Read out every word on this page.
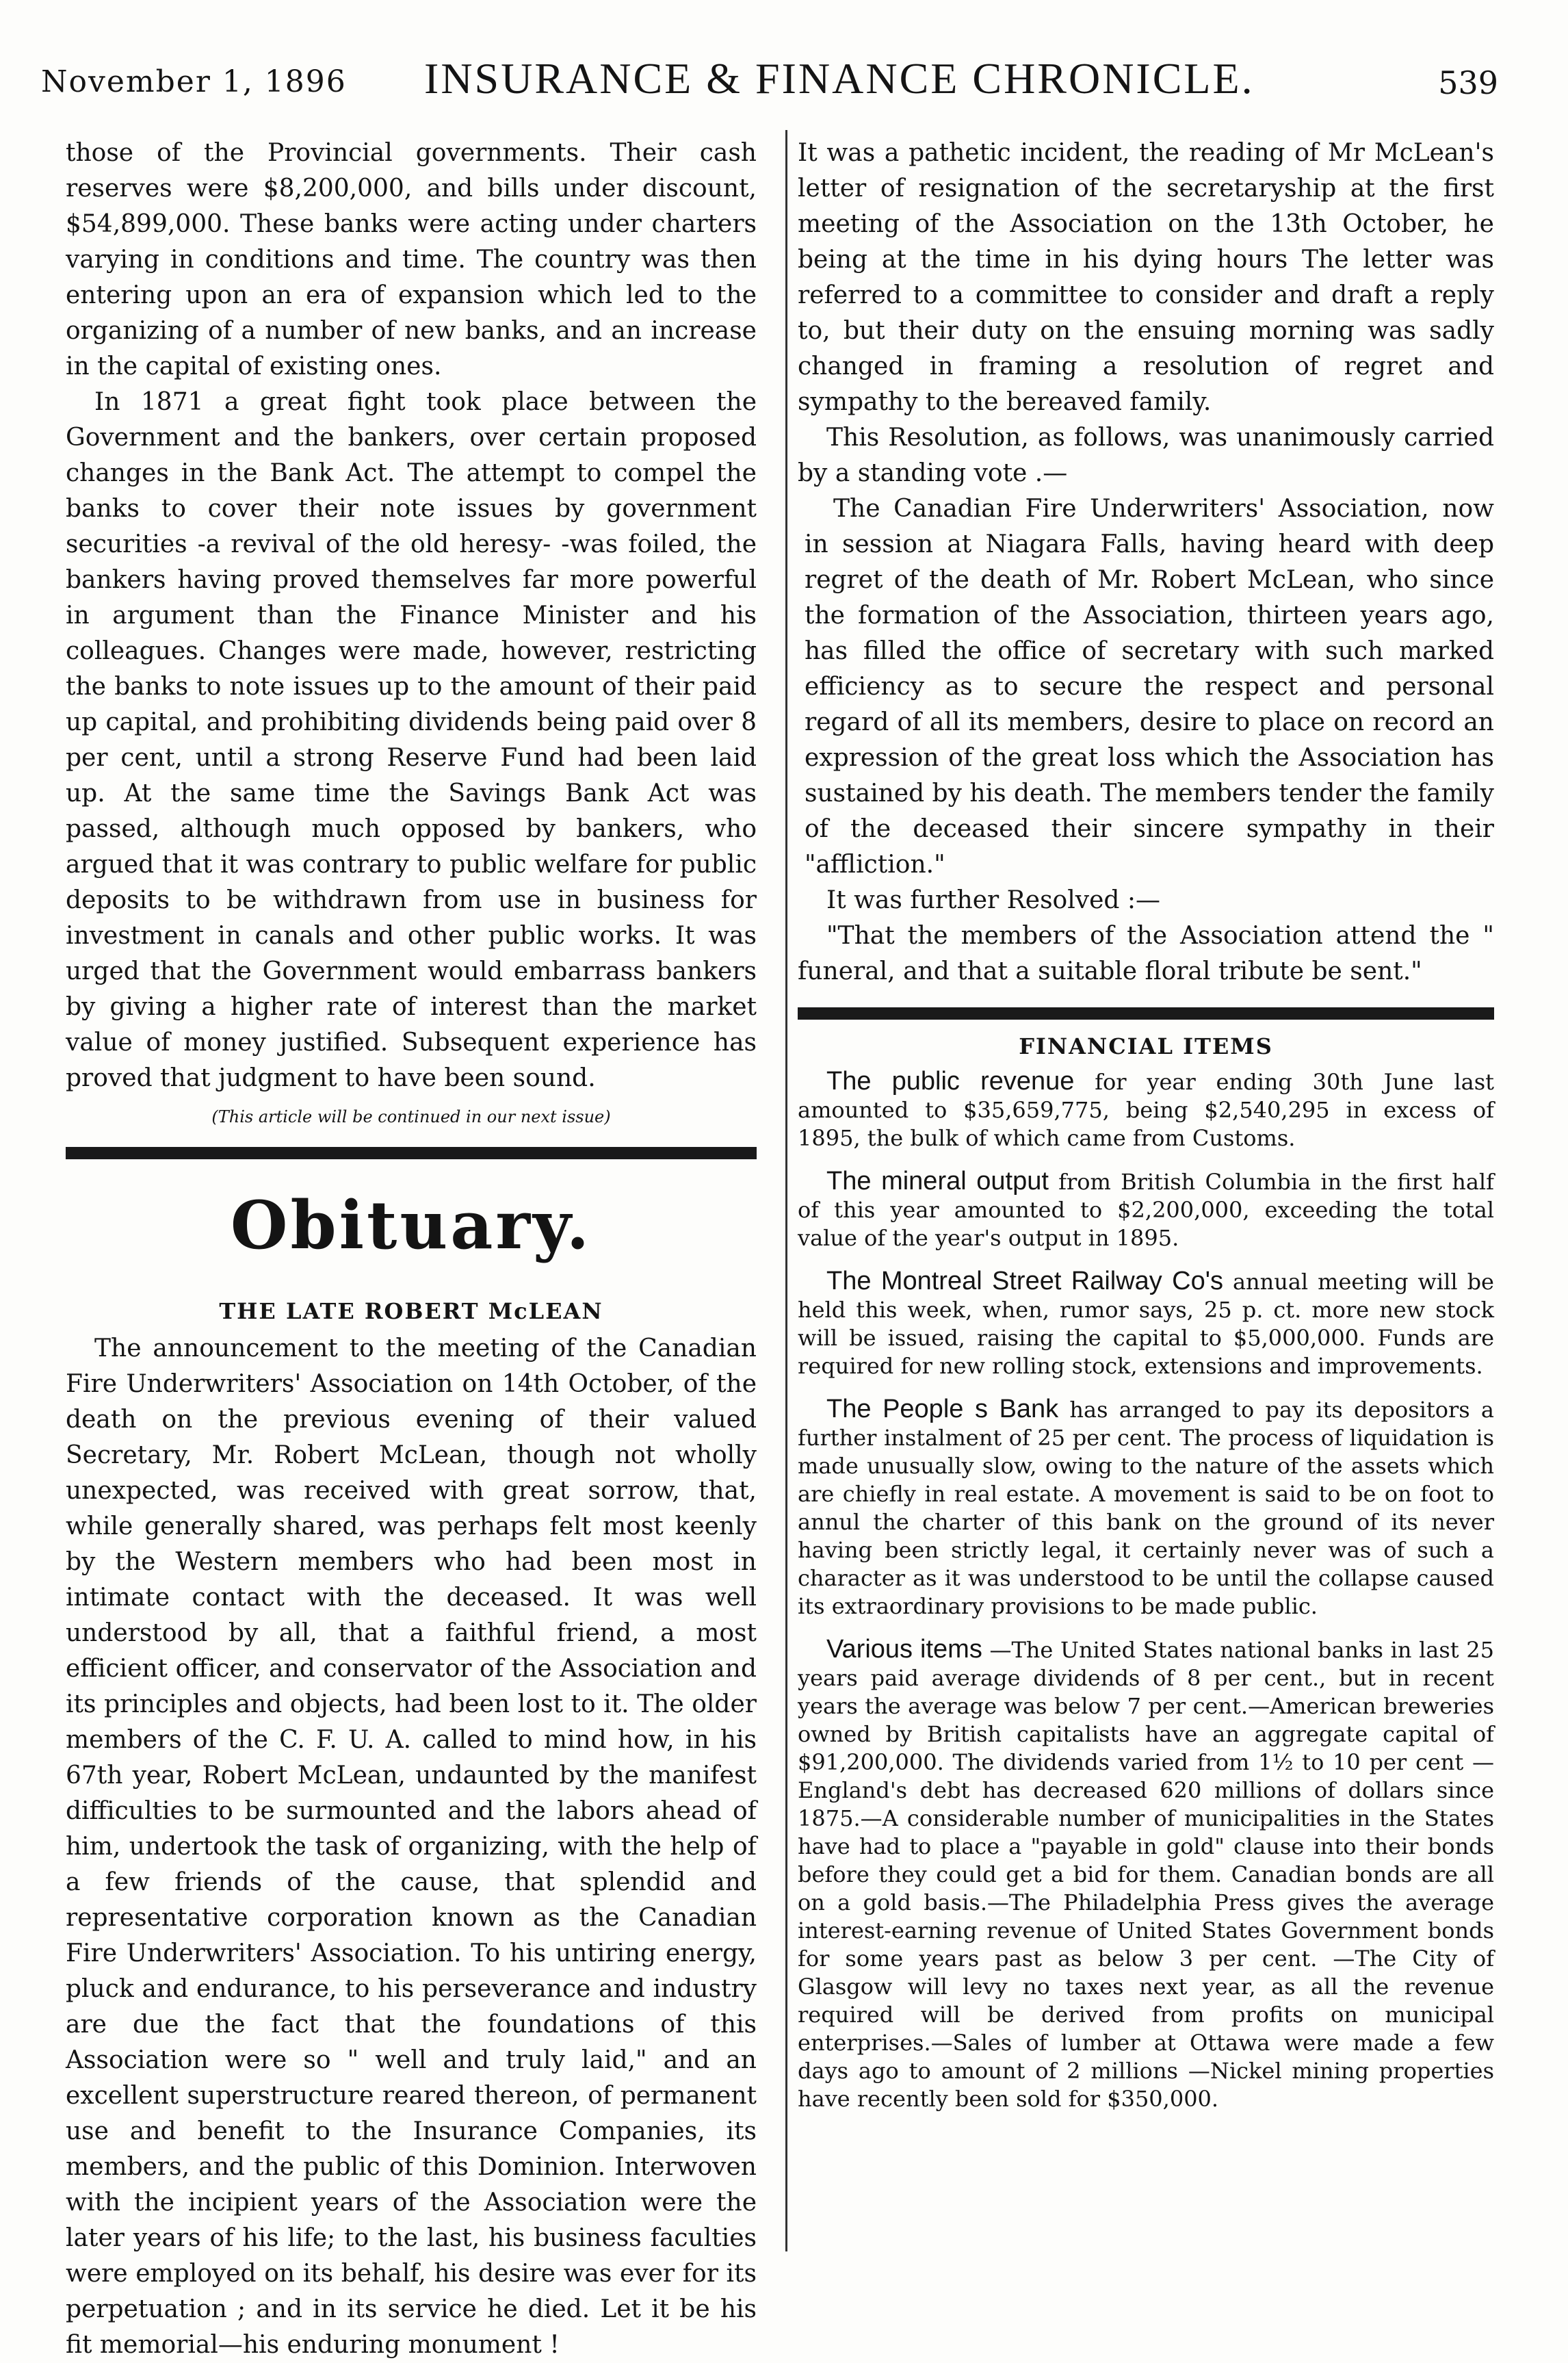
November 1, 1896 INSURANCE & FINANCE CHRONICLE.	539

those of the Provincial governments. Their cash reserves were $8,200,000, and bills under discount, $54,899,000. These banks were acting under charters varying in conditions and time. The country was then entering upon an era of expansion which led to the organizing of a number of new banks, and an increase in the capital of existing ones.

In 1871 a great fight took place between the Government and the bankers, over certain proposed changes in the Bank Act. The attempt to compel the banks to cover their note issues by government securities -a revival of the old heresy- -was foiled, the bankers having proved themselves far more powerful in argument than the Finance Minister and his colleagues. Changes were made, however, restricting the banks to note issues up to the amount of their paid up capital, and prohibiting dividends being paid over 8 per cent, until a strong Reserve Fund had been laid up. At the same time the Savings Bank Act was passed, although much opposed by bankers, who argued that it was contrary to public welfare for public deposits to be withdrawn from use in business for investment in canals and other public works. It was urged that the Government would embarrass bankers by giving a higher rate of interest than the market value of money justified. Subsequent experience has proved that judgment to have been sound.

(This article will be continued in our next issue)
Obituary.
THE LATE ROBERT McLEAN

The announcement to the meeting of the Canadian Fire Underwriters' Association on 14th October, of the death on the previous evening of their valued Secretary, Mr. Robert McLean, though not wholly unexpected, was received with great sorrow, that, while generally shared, was perhaps felt most keenly by the Western members who had been most in intimate contact with the deceased. It was well understood by all, that a faithful friend, a most efficient officer, and conservator of the Association and its principles and objects, had been lost to it. The older members of the C. F. U. A. called to mind how, in his 67th year, Robert McLean, undaunted by the manifest difficulties to be surmounted and the labors ahead of him, undertook the task of organizing, with the help of a few friends of the cause, that splendid and representative corporation known as the Canadian Fire Underwriters' Association. To his untiring energy, pluck and endurance, to his perseverance and industry are due the fact that the foundations of this Association were so " well and truly laid," and an excellent superstructure reared thereon, of permanent use and benefit to the Insurance Companies, its members, and the public of this Dominion. Interwoven with the incipient years of the Association were the later years of his life; to the last, his business faculties were employed on its behalf, his desire was ever for its perpetuation ; and in its service he died. Let it be his fit memorial—his enduring monument !

It was a pathetic incident, the reading of Mr McLean's letter of resignation of the secretaryship at the first meeting of the Association on the 13th October, he being at the time in his dying hours The letter was referred to a committee to consider and draft a reply to, but their duty on the ensuing morning was sadly changed in framing a resolution of regret and sympathy to the bereaved family.

This Resolution, as follows, was unanimously carried by a standing vote .—

The Canadian Fire Underwriters' Association, now in session at Niagara Falls, having heard with deep regret of the death of Mr. Robert McLean, who since the formation of the Association, thirteen years ago, has filled the office of secretary with such marked efficiency as to secure the respect and personal regard of all its members, desire to place on record an expression of the great loss which the Association has sustained by his death. The members tender the family of the deceased their sincere sympathy in their "affliction."

It was further Resolved :—

"That the members of the Association attend the " funeral, and that a suitable floral tribute be sent."

FINANCIAL ITEMS

The public revenue for year ending 30th June last amounted to $35,659,775, being $2,540,295 in excess of 1895, the bulk of which came from Customs.

The mineral output from British Columbia in the first half of this year amounted to $2,200,000, exceeding the total value of the year's output in 1895.

The Montreal Street Railway Co's annual meeting will be held this week, when, rumor says, 25 p. ct. more new stock will be issued, raising the capital to $5,000,000. Funds are required for new rolling stock, extensions and improvements.

The People s Bank has arranged to pay its depositors a further instalment of 25 per cent. The process of liquidation is made unusually slow, owing to the nature of the assets which are chiefly in real estate. A movement is said to be on foot to annul the charter of this bank on the ground of its never having been strictly legal, it certainly never was of such a character as it was understood to be until the collapse caused its extraordinary provisions to be made public.

Various items —The United States national banks in last 25 years paid average dividends of 8 per cent., but in recent years the average was below 7 per cent.—American breweries owned by British capitalists have an aggregate capital of $91,200,000. The dividends varied from 1½ to 10 per cent —England's debt has decreased 620 millions of dollars since 1875.—A considerable number of municipalities in the States have had to place a "payable in gold" clause into their bonds before they could get a bid for them. Canadian bonds are all on a gold basis.—The Philadelphia Press gives the average interest-earning revenue of United States Government bonds for some years past as below 3 per cent. —The City of Glasgow will levy no taxes next year, as all the revenue required will be derived from profits on municipal enterprises.—Sales of lumber at Ottawa were made a few days ago to amount of 2 millions —Nickel mining properties have recently been sold for $350,000.
